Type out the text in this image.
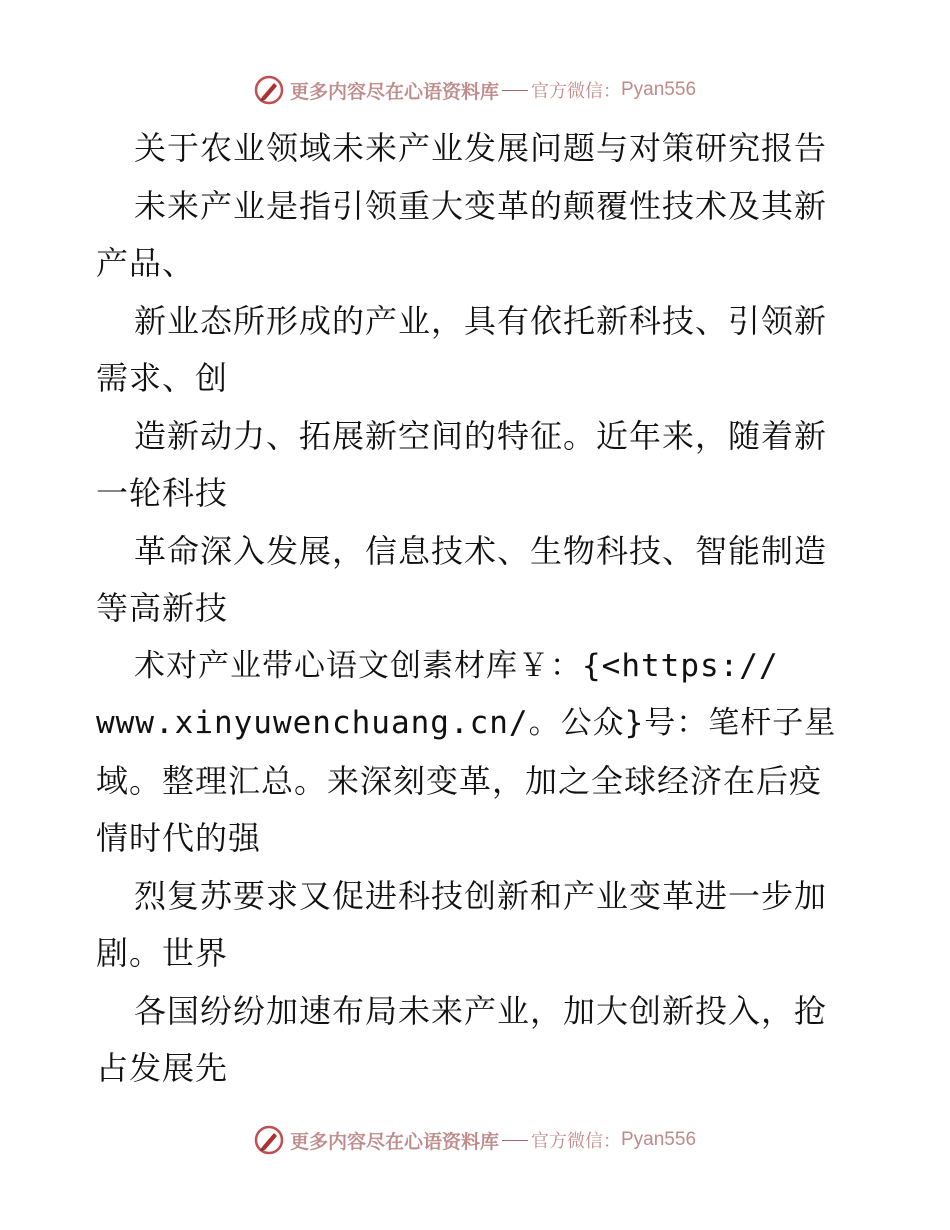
更多内容尽在心语资料库 官方微信： Pyan556
关于农业领域未来产业发展问题与对策研究报告
未来产业是指引领重大变革的颠覆性技术及其新
产品、
新业态所形成的产业，具有依托新科技、引领新
需求、创
造新动力、拓展新空间的特征。近年来，随着新
一轮科技
革命深入发展，信息技术、生物科技、智能制造
等高新技
术对产业带心语文创素材库￥：{<https://
www.xinyuwenchuang.cn/。公众}号：笔杆子星
域。整理汇总。来深刻变革，加之全球经济在后疫
情时代的强
烈复苏要求又促进科技创新和产业变革进一步加
剧。世界
各国纷纷加速布局未来产业，加大创新投入，抢
占发展先
更多内容尽在心语资料库 官方微信： Pyan556
